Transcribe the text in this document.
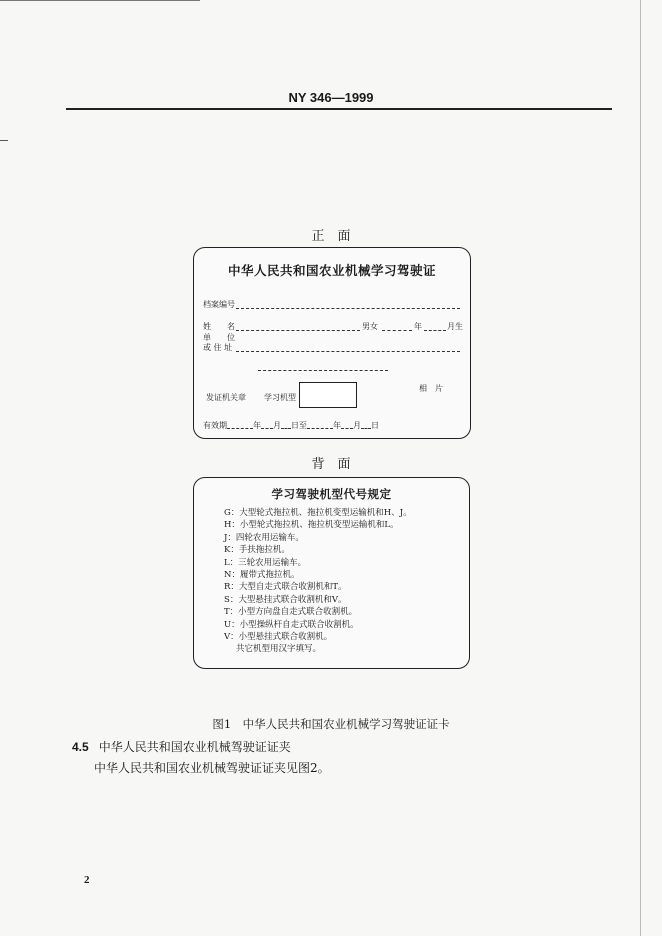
NY 346—1999
正　面
中华人民共和国农业机械学习驾驶证
档案编号
姓　　名	男女	年	月生
单　　位
或 住 址
发证机关章 学习机型
相　片
有效期	年 月 日至	年 月 日
背　面
学习驾驶机型代号规定
G：大型轮式拖拉机、拖拉机变型运输机和H、J。
H：小型轮式拖拉机、拖拉机变型运输机和L。
J：四轮农用运输车。
K：手扶拖拉机。
L：三轮农用运输车。
N：履带式拖拉机。
R：大型自走式联合收割机和T。
S：大型悬挂式联合收割机和V。
T：小型方向盘自走式联合收割机。
U：小型操纵杆自走式联合收割机。
V：小型悬挂式联合收割机。
共它机型用汉字填写。
图1　中华人民共和国农业机械学习驾驶证证卡
4.5 中华人民共和国农业机械驾驶证证夹
中华人民共和国农业机械驾驶证证夹见图2。
2
